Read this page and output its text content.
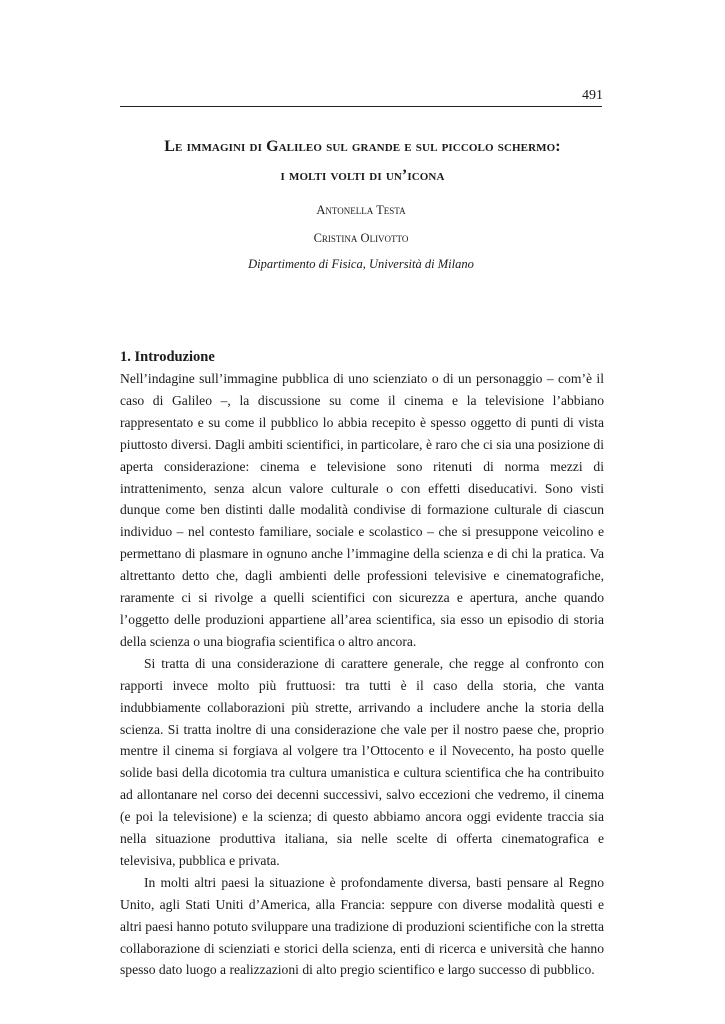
491
Le immagini di Galileo sul grande e sul piccolo schermo:
i molti volti di un’icona
Antonella Testa
Cristina Olivotto
Dipartimento di Fisica, Università di Milano
1. Introduzione

Nell’indagine sull’immagine pubblica di uno scienziato o di un personaggio – com’è il caso di Galileo –, la discussione su come il cinema e la televisione l’abbiano rappresentato e su come il pubblico lo abbia recepito è spesso oggetto di punti di vista piuttosto diversi. Dagli ambiti scientifici, in particolare, è raro che ci sia una posizione di aperta considerazione: cinema e televisione sono ritenuti di norma mezzi di intrattenimento, senza alcun valore culturale o con effetti diseducativi. Sono visti dunque come ben distinti dalle modalità condivise di formazione culturale di ciascun individuo – nel contesto familiare, sociale e scolastico – che si presuppone veicolino e permettano di plasmare in ognuno anche l’immagine della scienza e di chi la pratica. Va altrettanto detto che, dagli ambienti delle professioni televisive e cinematografiche, raramente ci si rivolge a quelli scientifici con sicurezza e apertura, anche quando l’oggetto delle produzioni appartiene all’area scientifica, sia esso un episodio di storia della scienza o una biografia scientifica o altro ancora.

Si tratta di una considerazione di carattere generale, che regge al confronto con rapporti invece molto più fruttuosi: tra tutti è il caso della storia, che vanta indubbiamente collaborazioni più strette, arrivando a includere anche la storia della scienza. Si tratta inoltre di una considerazione che vale per il nostro paese che, proprio mentre il cinema si forgiava al volgere tra l’Ottocento e il Novecento, ha posto quelle solide basi della dicotomia tra cultura umanistica e cultura scientifica che ha contribuito ad allontanare nel corso dei decenni successivi, salvo eccezioni che vedremo, il cinema (e poi la televisione) e la scienza; di questo abbiamo ancora oggi evidente traccia sia nella situazione produttiva italiana, sia nelle scelte di offerta cinematografica e televisiva, pubblica e privata.

In molti altri paesi la situazione è profondamente diversa, basti pensare al Regno Unito, agli Stati Uniti d’America, alla Francia: seppure con diverse modalità questi e altri paesi hanno potuto sviluppare una tradizione di produzioni scientifiche con la stretta collaborazione di scienziati e storici della scienza, enti di ricerca e università che hanno spesso dato luogo a realizzazioni di alto pregio scientifico e largo successo di pubblico.
